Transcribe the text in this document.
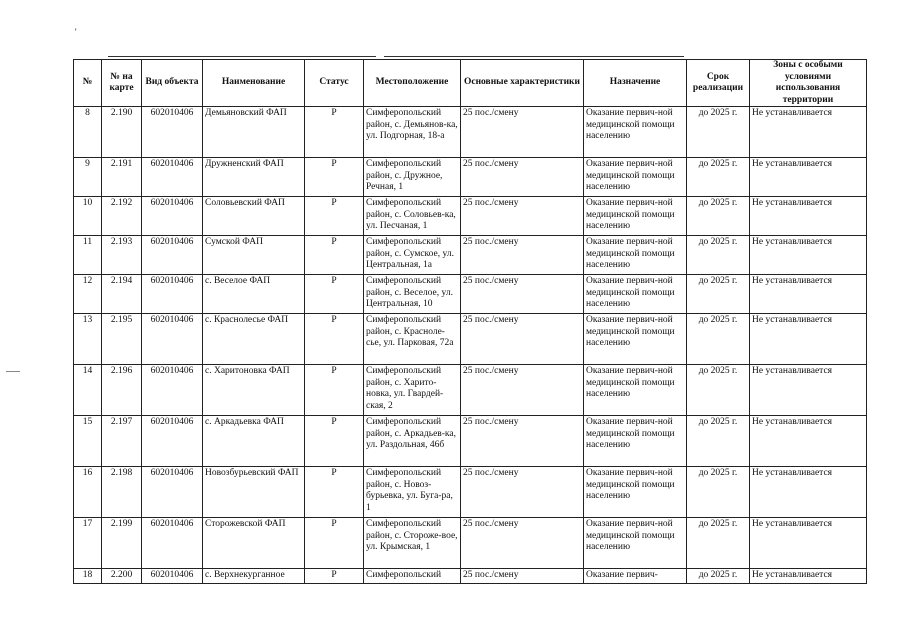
'
№	№ на карте	Вид объекта	Наименование	Статус	Местоположение	Основные характеристики	Назначение	Срок реализации	Зоны с особыми условиями использования территории
8	2.190	602010406	Демьяновский ФАП	Р	Симферопольский район, с. Демьянов-ка, ул. Подгорная, 18-а	25 пос./смену	Оказание первич-ной медицинской помощи населению	до 2025 г.	Не устанавливается
9	2.191	602010406	Дружненский ФАП	Р	Симферопольский район, с. Дружное, Речная, 1	25 пос./смену	Оказание первич-ной медицинской помощи населению	до 2025 г.	Не устанавливается
10	2.192	602010406	Соловьевский ФАП	Р	Симферопольский район, с. Соловьев-ка, ул. Песчаная, 1	25 пос./смену	Оказание первич-ной медицинской помощи населению	до 2025 г.	Не устанавливается
11	2.193	602010406	Сумской ФАП	Р	Симферопольский район, с. Сумское, ул. Центральная, 1а	25 пос./смену	Оказание первич-ной медицинской помощи населению	до 2025 г.	Не устанавливается
12	2.194	602010406	с. Веселое ФАП	Р	Симферопольский район, с. Веселое, ул. Центральная, 10	25 пос./смену	Оказание первич-ной медицинской помощи населению	до 2025 г.	Не устанавливается
13	2.195	602010406	с. Краснолесье ФАП	Р	Симферопольский район, с. Красноле-сье, ул. Парковая, 72а	25 пос./смену	Оказание первич-ной медицинской помощи населению	до 2025 г.	Не устанавливается
14	2.196	602010406	с. Харитоновка ФАП	Р	Симферопольский район, с. Харито-новка, ул. Гвардей-ская, 2	25 пос./смену	Оказание первич-ной медицинской помощи населению	до 2025 г.	Не устанавливается
15	2.197	602010406	с. Аркадьевка ФАП	Р	Симферопольский район, с. Аркадьев-ка, ул. Раздольная, 46б	25 пос./смену	Оказание первич-ной медицинской помощи населению	до 2025 г.	Не устанавливается
16	2.198	602010406	Новозбурьевский ФАП	Р	Симферопольский район, с. Новоз-бурьевка, ул. Буга-ра, 1	25 пос./смену	Оказание первич-ной медицинской помощи населению	до 2025 г.	Не устанавливается
17	2.199	602010406	Сторожевской ФАП	Р	Симферопольский район, с. Стороже-вое, ул. Крымская, 1	25 пос./смену	Оказание первич-ной медицинской помощи населению	до 2025 г.	Не устанавливается
18	2.200	602010406	с. Верхнекурганное	Р	Симферопольский	25 пос./смену	Оказание первич-	до 2025 г.	Не устанавливается
